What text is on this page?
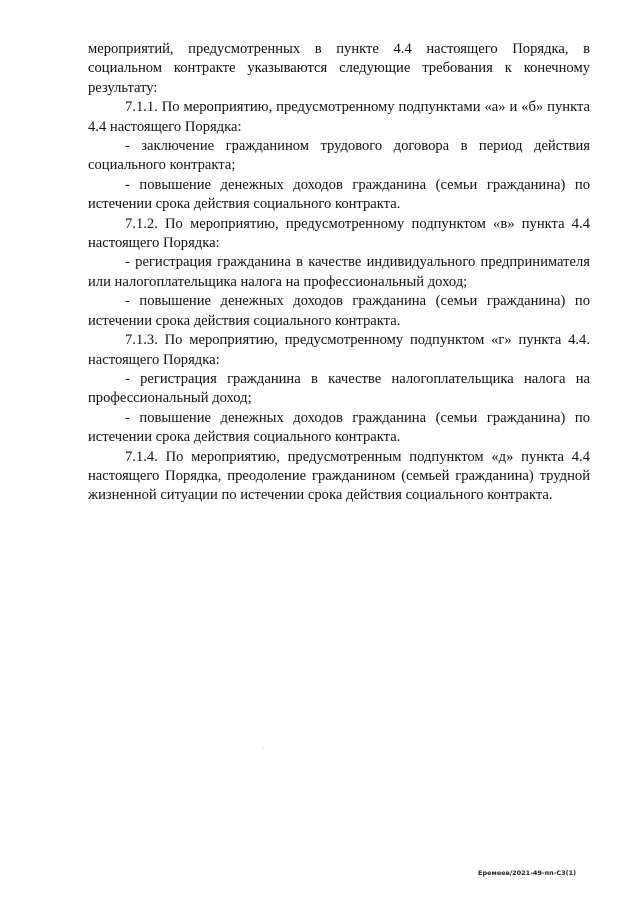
мероприятий, предусмотренных в пункте 4.4 настоящего Порядка, в социальном контракте указываются следующие требования к конечному результату:

7.1.1. По мероприятию, предусмотренному подпунктами «а» и «б» пункта 4.4 настоящего Порядка:

- заключение гражданином трудового договора в период действия социального контракта;

- повышение денежных доходов гражданина (семьи гражданина) по истечении срока действия социального контракта.

7.1.2. По мероприятию, предусмотренному подпунктом «в» пункта 4.4 настоящего Порядка:

- регистрация гражданина в качестве индивидуального предпринимателя или налогоплательщика налога на профессиональный доход;

- повышение денежных доходов гражданина (семьи гражданина) по истечении срока действия социального контракта.

7.1.3. По мероприятию, предусмотренному подпунктом «г» пункта 4.4. настоящего Порядка:

- регистрация гражданина в качестве налогоплательщика налога на профессиональный доход;

- повышение денежных доходов гражданина (семьи гражданина) по истечении срока действия социального контракта.

7.1.4. По мероприятию, предусмотренным подпунктом «д» пункта 4.4 настоящего Порядка, преодоление гражданином (семьей гражданина) трудной жизненной ситуации по истечении срока действия социального контракта.

Еремеев/2021-49-пп-С3(1)
